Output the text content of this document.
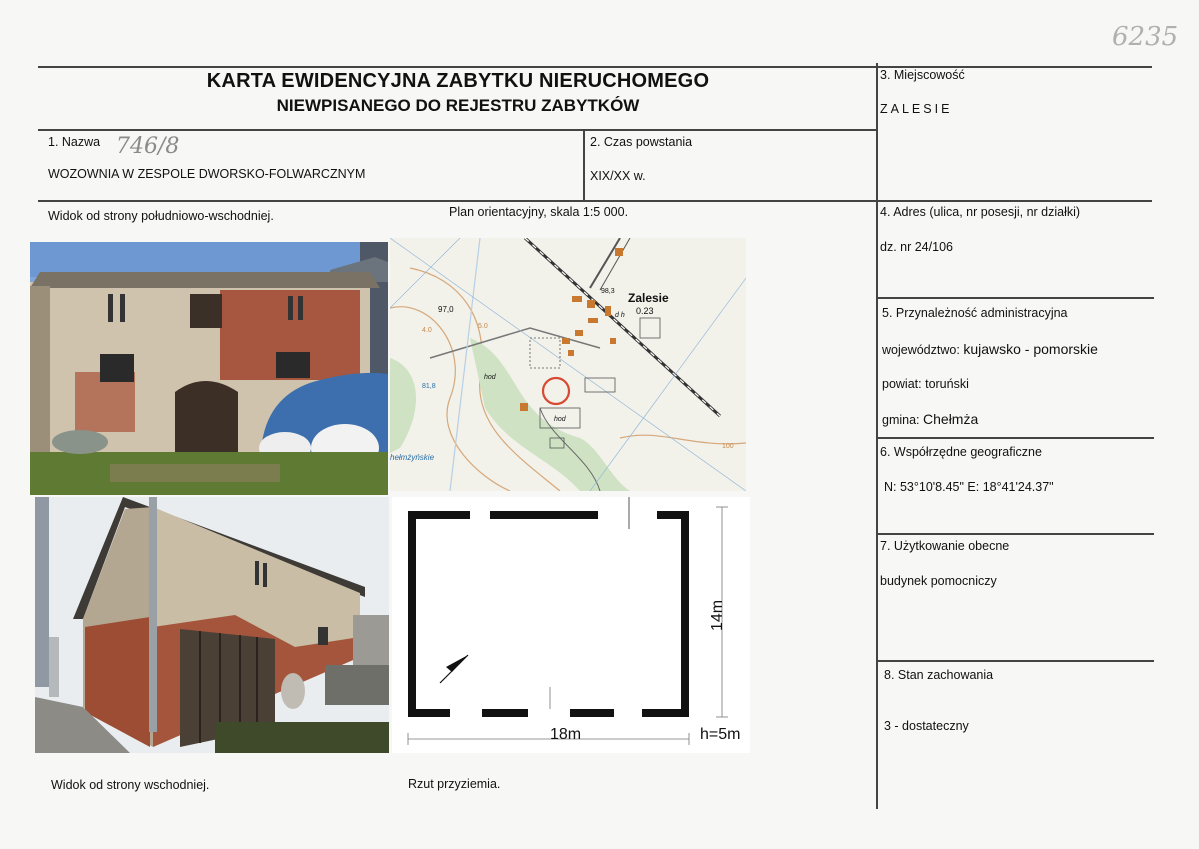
6235
KARTA EWIDENCYJNA ZABYTKU NIERUCHOMEGO
NIEWPISANEGO DO REJESTRU ZABYTKÓW
1. Nazwa 746/8
WOZOWNIA W ZESPOLE DWORSKO-FOLWARCZNYM
2. Czas powstania
XIX/XX w.
3. Miejscowość
ZALESIE
4. Adres (ulica, nr posesji, nr działki)
dz. nr 24/106
5. Przynależność administracyjna
województwo: kujawsko - pomorskie
powiat: toruński
gmina: Chełmża
6. Współrzędne geograficzne
N: 53°10'8.45" E: 18°41'24.37"
7. Użytkowanie obecne
budynek pomocniczy
8. Stan zachowania
3 - dostateczny
Widok od strony południowo-wschodniej.	Plan orientacyjny, skala 1:5 000.
Widok od strony wschodniej.	Rzut przyziemia.
Zalesie
98,3
0.23
d h
97,0
81,8
hełmżyńskie
hod
hod
4.0
5.0
100
18m	h=5m
14m
